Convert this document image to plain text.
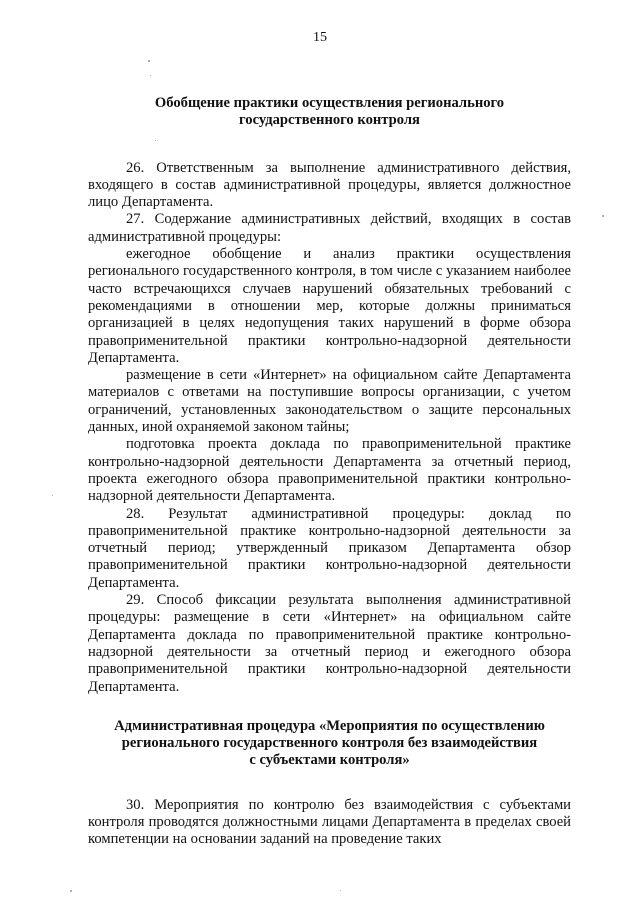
15
Обобщение практики осуществления регионального
государственного контроля

26. Ответственным за выполнение административного действия, входящего в состав административной процедуры, является должностное лицо Департамента.

27. Содержание административных действий, входящих в состав административной процедуры:

ежегодное обобщение и анализ практики осуществления регионального государственного контроля, в том числе с указанием наиболее часто встречающихся случаев нарушений обязательных требований с рекомендациями в отношении мер, которые должны приниматься организацией в целях недопущения таких нарушений в форме обзора правоприменительной практики контрольно-надзорной деятельности Департамента.

размещение в сети «Интернет» на официальном сайте Департамента материалов с ответами на поступившие вопросы организации, с учетом ограничений, установленных законодательством о защите персональных данных, иной охраняемой законом тайны;

подготовка проекта доклада по правоприменительной практике контрольно-надзорной деятельности Департамента за отчетный период, проекта ежегодного обзора правоприменительной практики контрольно-надзорной деятельности Департамента.

28. Результат административной процедуры: доклад по правоприменительной практике контрольно-надзорной деятельности за отчетный период; утвержденный приказом Департамента обзор правоприменительной практики контрольно-надзорной деятельности Департамента.

29. Способ фиксации результата выполнения административной процедуры: размещение в сети «Интернет» на официальном сайте Департамента доклада по правоприменительной практике контрольно-надзорной деятельности за отчетный период и ежегодного обзора правоприменительной практики контрольно-надзорной деятельности Департамента.

Административная процедура «Мероприятия по осуществлению
регионального государственного контроля без взаимодействия
с субъектами контроля»

30. Мероприятия по контролю без взаимодействия с субъектами контроля проводятся должностными лицами Департамента в пределах своей компетенции на основании заданий на проведение таких
